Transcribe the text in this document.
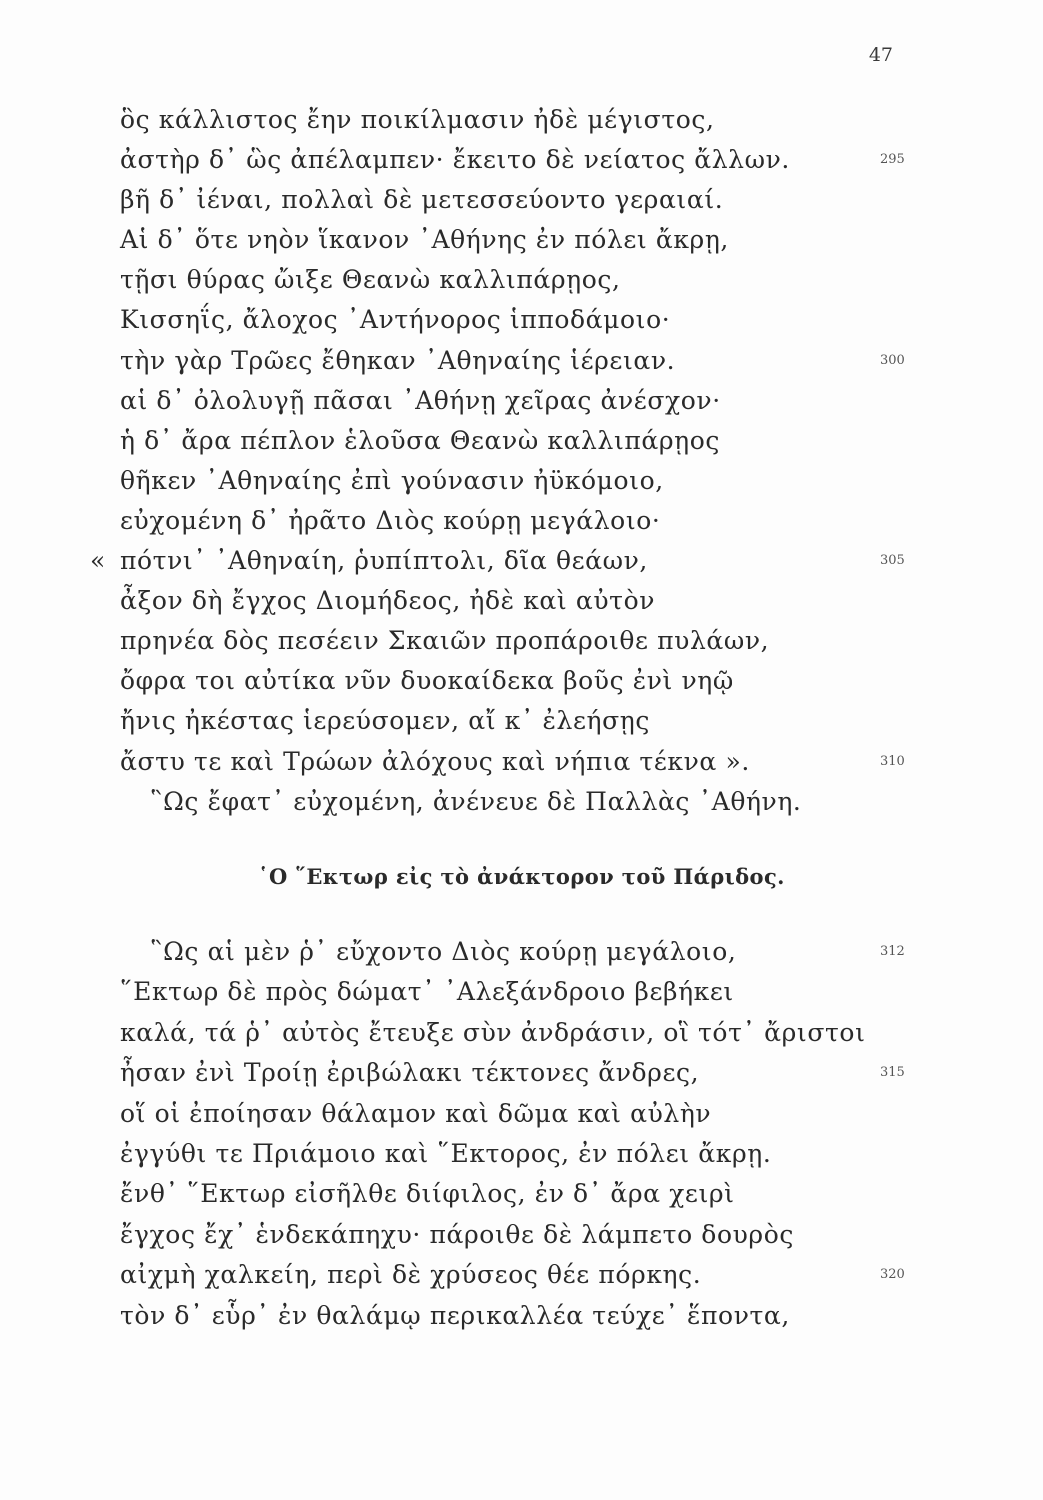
47
ὃς κάλλιστος ἔην ποικίλμασιν ἠδὲ μέγιστος,
ἀστὴρ δ᾽ ὣς ἀπέλαμπεν· ἔκειτο δὲ νείατος ἄλλων.	295
βῆ δ᾽ ἰέναι, πολλαὶ δὲ μετεσσεύοντο γεραιαί.
Αἱ δ᾽ ὅτε νηὸν ἵκανον ᾽Αθήνης ἐν πόλει ἄκρῃ,
τῇσι θύρας ὤιξε Θεανὼ καλλιπάρῃος,
Κισσηΐς, ἄλοχος ᾽Αντήνορος ἱπποδάμοιο·
τὴν γὰρ Τρῶες ἔθηκαν ᾽Αθηναίης ἱέρειαν.	300
αἱ δ᾽ ὀλολυγῇ πᾶσαι ᾽Αθήνῃ χεῖρας ἀνέσχον·
ἡ δ᾽ ἄρα πέπλον ἑλοῦσα Θεανὼ καλλιπάρῃος
θῆκεν ᾽Αθηναίης ἐπὶ γούνασιν ἠϋκόμοιο,
εὐχομένη δ᾽ ἠρᾶτο Διὸς κούρῃ μεγάλοιο·
« πότνι᾽ ᾽Αθηναίη, ῥυπίπτολι, δῖα θεάων,	305
ἆξον δὴ ἔγχος Διομήδεος, ἠδὲ καὶ αὐτὸν
πρηνέα δὸς πεσέειν Σκαιῶν προπάροιθε πυλάων,
ὄφρα τοι αὐτίκα νῦν δυοκαίδεκα βοῦς ἐνὶ νηῷ
ἤνις ἠκέστας ἱερεύσομεν, αἴ κ᾽ ἐλεήσῃς
ἄστυ τε καὶ Τρώων ἀλόχους καὶ νήπια τέκνα ».	310
῝Ως ἔφατ᾽ εὐχομένη, ἀνένευε δὲ Παλλὰς ᾽Αθήνη.
῾Ο ῞Εκτωρ εἰς τὸ ἀνάκτορον τοῦ Πάριδος.
῝Ως αἱ μὲν ῥ᾽ εὔχοντο Διὸς κούρῃ μεγάλοιο,	312
῞Εκτωρ δὲ πρὸς δώματ᾽ ᾽Αλεξάνδροιο βεβήκει
καλά, τά ῥ᾽ αὐτὸς ἔτευξε σὺν ἀνδράσιν, οἳ τότ᾽ ἄριστοι
ἦσαν ἐνὶ Τροίῃ ἐριβώλακι τέκτονες ἄνδρες,	315
οἵ οἱ ἐποίησαν θάλαμον καὶ δῶμα καὶ αὐλὴν
ἐγγύθι τε Πριάμοιο καὶ ῞Εκτορος, ἐν πόλει ἄκρῃ.
ἔνθ᾽ ῞Εκτωρ εἰσῆλθε διίφιλος, ἐν δ᾽ ἄρα χειρὶ
ἔγχος ἔχ᾽ ἑνδεκάπηχυ· πάροιθε δὲ λάμπετο δουρὸς
αἰχμὴ χαλκείη, περὶ δὲ χρύσεος θέε πόρκης.	320
τὸν δ᾽ εὗρ᾽ ἐν θαλάμῳ περικαλλέα τεύχε᾽ ἕποντα,
